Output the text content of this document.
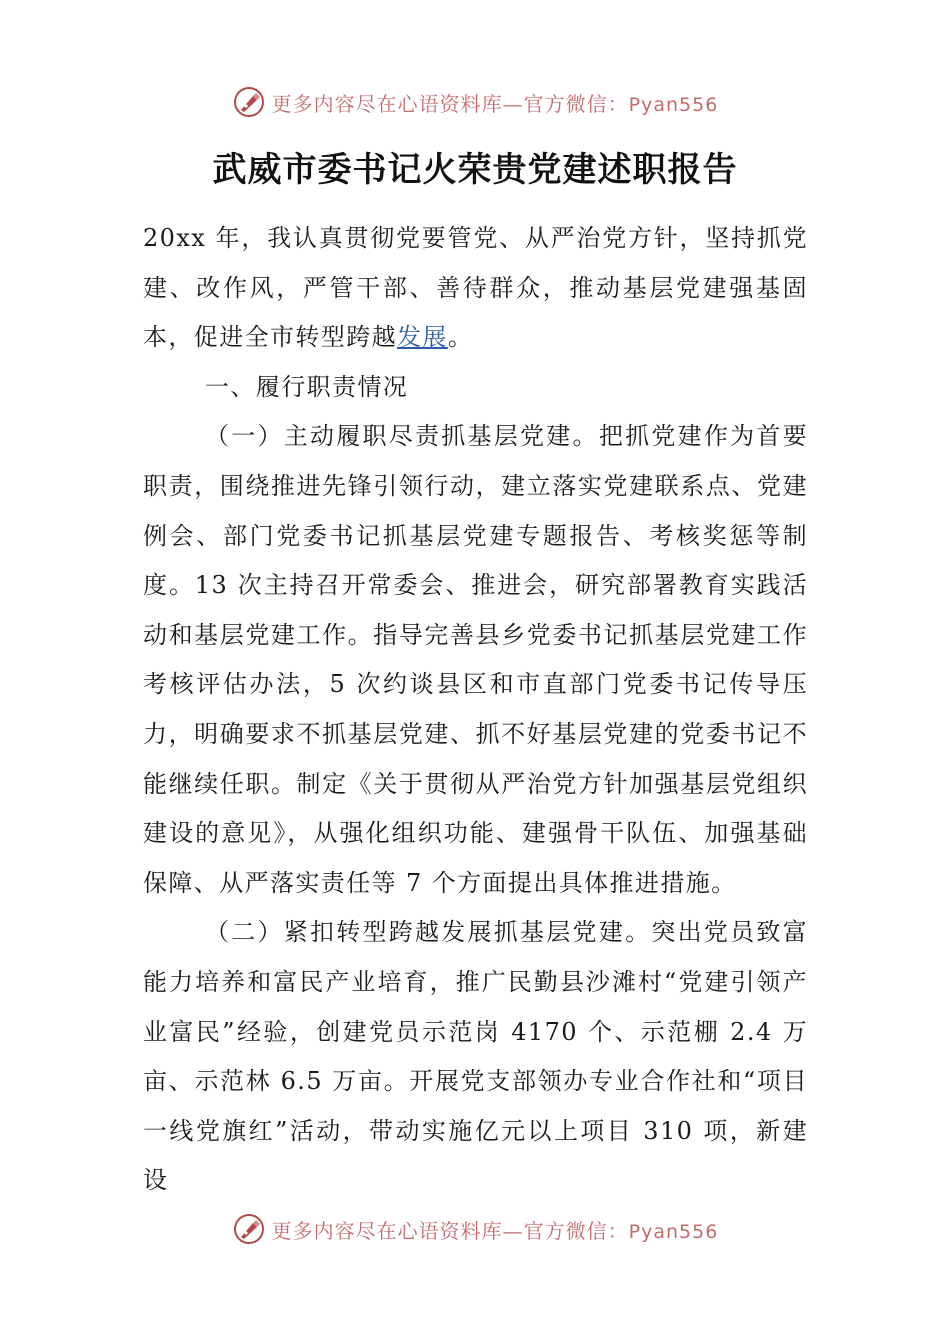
更多内容尽在心语资料库—官方微信：Pyan556
武威市委书记火荣贵党建述职报告

20xx 年，我认真贯彻党要管党、从严治党方针，坚持抓党建、改作风，严管干部、善待群众，推动基层党建强基固本，促进全市转型跨越发展。

一、履行职责情况

（一）主动履职尽责抓基层党建。把抓党建作为首要职责，围绕推进先锋引领行动，建立落实党建联系点、党建例会、部门党委书记抓基层党建专题报告、考核奖惩等制度。13 次主持召开常委会、推进会，研究部署教育实践活动和基层党建工作。指导完善县乡党委书记抓基层党建工作考核评估办法，5 次约谈县区和市直部门党委书记传导压力，明确要求不抓基层党建、抓不好基层党建的党委书记不能继续任职。制定《关于贯彻从严治党方针加强基层党组织建设的意见》，从强化组织功能、建强骨干队伍、加强基础保障、从严落实责任等 7 个方面提出具体推进措施。

（二）紧扣转型跨越发展抓基层党建。突出党员致富能力培养和富民产业培育，推广民勤县沙滩村“党建引领产业富民”经验，创建党员示范岗 4170 个、示范棚 2.4 万亩、示范林 6.5 万亩。开展党支部领办专业合作社和“项目一线党旗红”活动，带动实施亿元以上项目 310 项，新建设

更多内容尽在心语资料库—官方微信：Pyan556
